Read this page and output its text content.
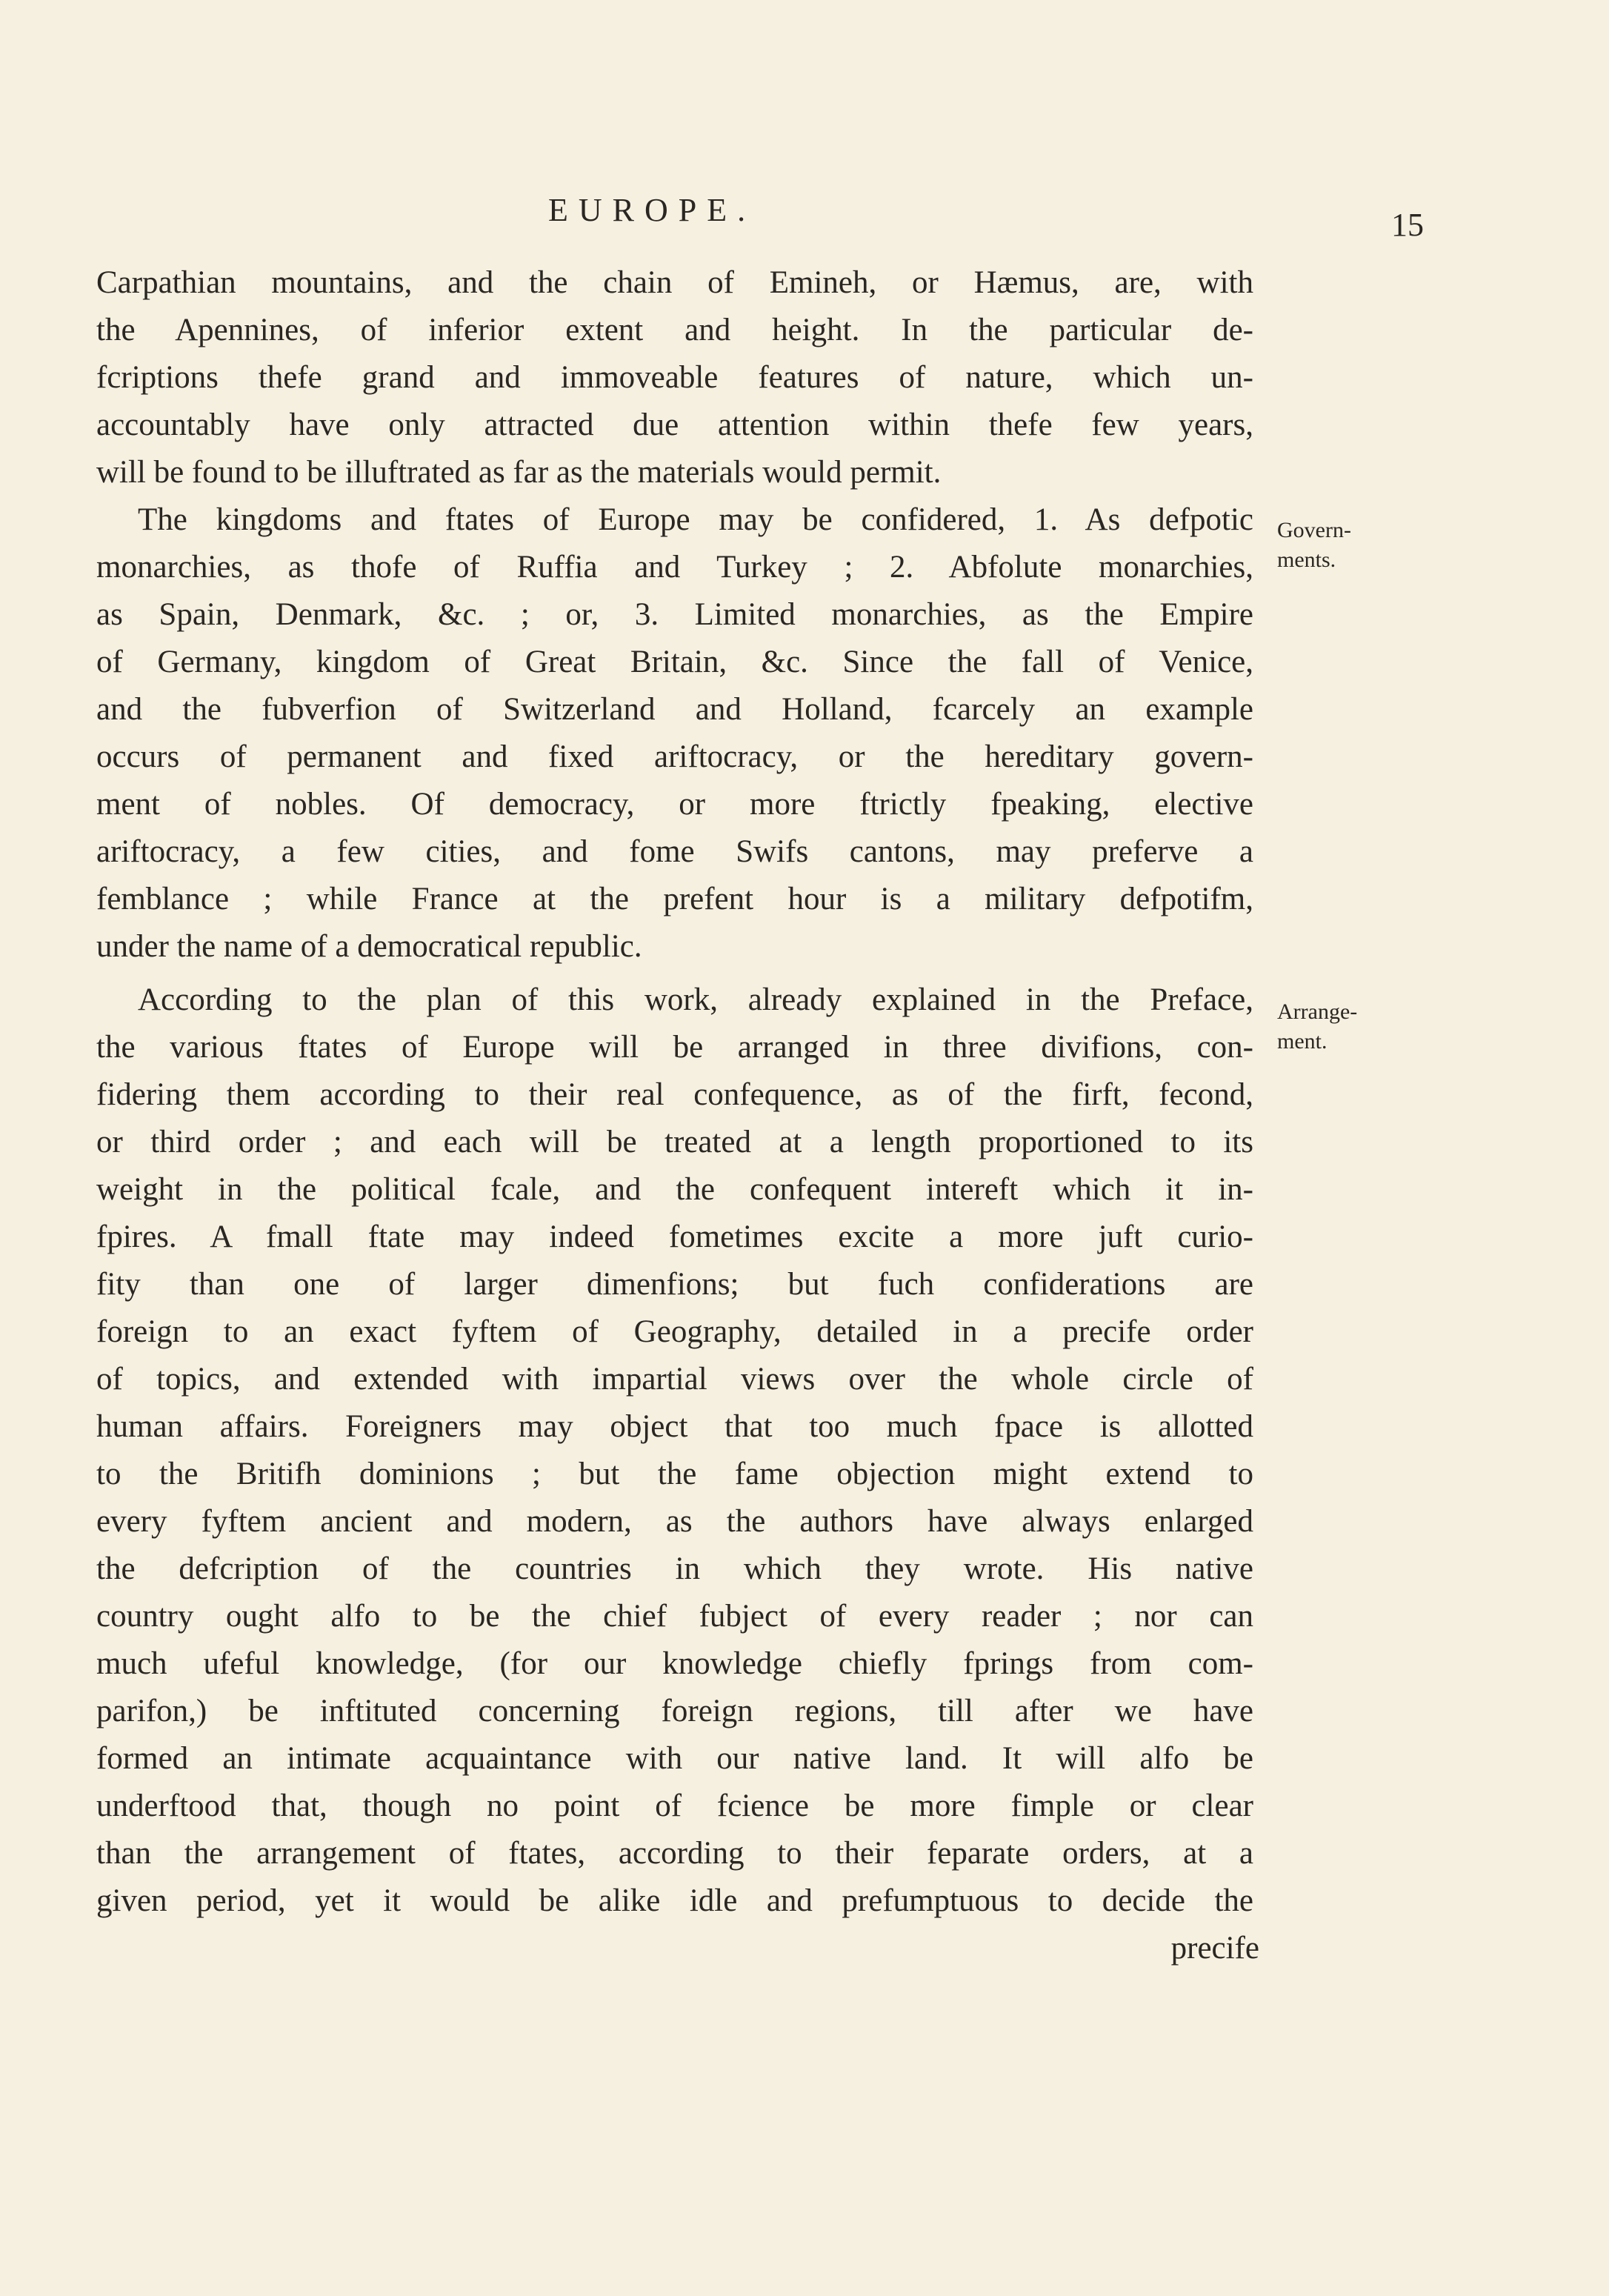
EUROPE.	15
Carpathian mountains, and the chain of Emineh, or Hæmus, are, with
the Apennines, of inferior extent and height. In the particular de-
fcriptions thefe grand and immoveable features of nature, which un-
accountably have only attracted due attention within thefe few years,
will be found to be illuftrated as far as the materials would permit.
The kingdoms and ftates of Europe may be confidered, 1. As defpotic
monarchies, as thofe of Ruffia and Turkey ; 2. Abfolute monarchies,
as Spain, Denmark, &c. ; or, 3. Limited monarchies, as the Empire
of Germany, kingdom of Great Britain, &c. Since the fall of Venice,
and the fubverfion of Switzerland and Holland, fcarcely an example
occurs of permanent and fixed ariftocracy, or the hereditary govern-
ment of nobles. Of democracy, or more ftrictly fpeaking, elective
ariftocracy, a few cities, and fome Swifs cantons, may preferve a
femblance ; while France at the prefent hour is a military defpotifm,
under the name of a democratical republic.
According to the plan of this work, already explained in the Preface,
the various ftates of Europe will be arranged in three divifions, con-
fidering them according to their real confequence, as of the firft, fecond,
or third order ; and each will be treated at a length proportioned to its
weight in the political fcale, and the confequent intereft which it in-
fpires. A fmall ftate may indeed fometimes excite a more juft curio-
fity than one of larger dimenfions; but fuch confiderations are
foreign to an exact fyftem of Geography, detailed in a precife order
of topics, and extended with impartial views over the whole circle of
human affairs. Foreigners may object that too much fpace is allotted
to the Britifh dominions ; but the fame objection might extend to
every fyftem ancient and modern, as the authors have always enlarged
the defcription of the countries in which they wrote. His native
country ought alfo to be the chief fubject of every reader ; nor can
much ufeful knowledge, (for our knowledge chiefly fprings from com-
parifon,) be inftituted concerning foreign regions, till after we have
formed an intimate acquaintance with our native land. It will alfo be
underftood that, though no point of fcience be more fimple or clear
than the arrangement of ftates, according to their feparate orders, at a
given period, yet it would be alike idle and prefumptuous to decide the
precife
Govern-
ments.
Arrange-
ment.
